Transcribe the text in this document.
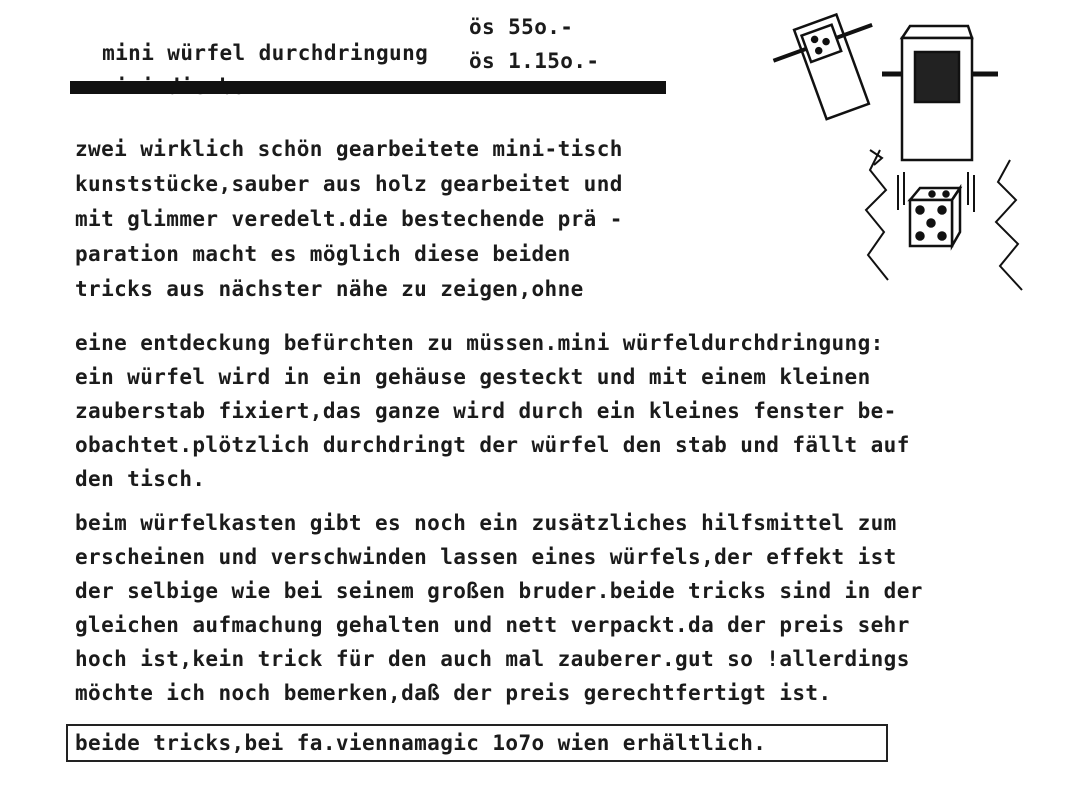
mini würfel durchdringung

ös 55o.-

ös 1.15o.-
zwei wirklich schön gearbeitete mini-tisch
kunststücke,sauber aus holz gearbeitet und
mit glimmer veredelt.die bestechende prä -
paration macht es möglich diese beiden
tricks aus nächster nähe zu zeigen,ohne
eine entdeckung befürchten zu müssen.mini würfeldurchdringung:
ein würfel wird in ein gehäuse gesteckt und mit einem kleinen
zauberstab fixiert,das ganze wird durch ein kleines fenster be-
obachtet.plötzlich durchdringt der würfel den stab und fällt auf
den tisch.
beim würfelkasten gibt es noch ein zusätzliches hilfsmittel zum
erscheinen und verschwinden lassen eines würfels,der effekt ist
der selbige wie bei seinem großen bruder.beide tricks sind in der
gleichen aufmachung gehalten und nett verpackt.da der preis sehr
hoch ist,kein trick für den auch mal zauberer.gut so !allerdings
möchte ich noch bemerken,daß der preis gerechtfertigt ist.
beide tricks,bei fa.viennamagic 1o7o wien erhältlich.
